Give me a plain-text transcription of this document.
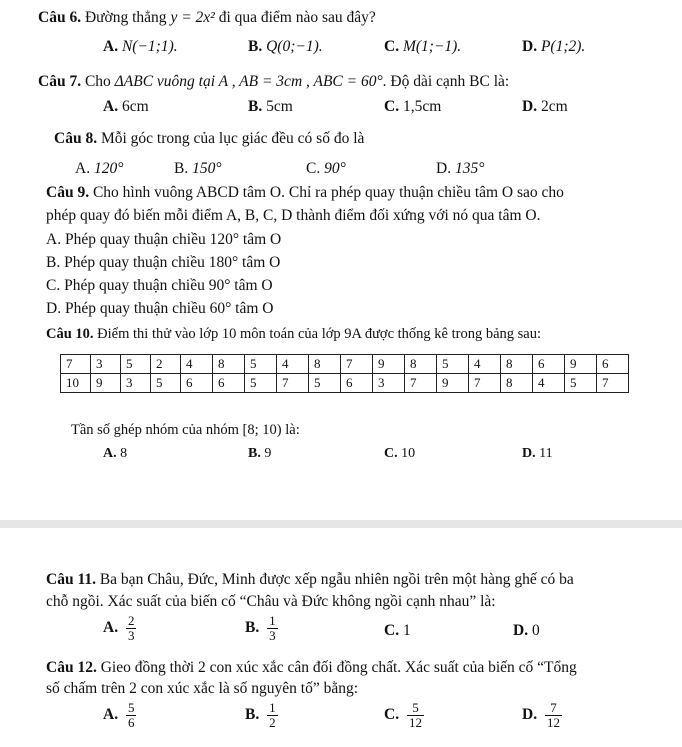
Câu 6. Đường thẳng y = 2x² đi qua điểm nào sau đây?
A. N(−1;1).	B. Q(0;−1).	C. M(1;−1).	D. P(1;2).
Câu 7. Cho ΔABC vuông tại A , AB = 3cm , ABC = 60°. Độ dài cạnh BC là:
A. 6cm	B. 5cm	C. 1,5cm	D. 2cm
Câu 8. Mỗi góc trong của lục giác đều có số đo là
A. 120°	B. 150°	C. 90°	D. 135°
Câu 9. Cho hình vuông ABCD tâm O. Chỉ ra phép quay thuận chiều tâm O sao cho
phép quay đó biến mỗi điểm A, B, C, D thành điểm đối xứng với nó qua tâm O.
A. Phép quay thuận chiều 120° tâm O
B. Phép quay thuận chiều 180° tâm O
C. Phép quay thuận chiều 90° tâm O
D. Phép quay thuận chiều 60° tâm O
Câu 10. Điểm thi thử vào lớp 10 môn toán của lớp 9A được thống kê trong bảng sau:
7	3	5	2	4	8	5	4	8	7	9	8	5	4	8	6	9	6
10	9	3	5	6	6	5	7	5	6	3	7	9	7	8	4	5	7
Tần số ghép nhóm của nhóm [8; 10) là:
A. 8	B. 9	C. 10	D. 11
Câu 11. Ba bạn Châu, Đức, Minh được xếp ngẫu nhiên ngồi trên một hàng ghế có ba
chỗ ngồi. Xác suất của biến cố “Châu và Đức không ngồi cạnh nhau” là:
A. $\frac{2}{3}$	B. $\frac{1}{3}$	C. 1	D. 0
Câu 12. Gieo đồng thời 2 con xúc xắc cân đối đồng chất. Xác suất của biến cố “Tổng
số chấm trên 2 con xúc xắc là số nguyên tố” bằng:
A. $\frac{5}{6}$	B. $\frac{1}{2}$	C. $\frac{5}{12}$	D. $\frac{7}{12}$
